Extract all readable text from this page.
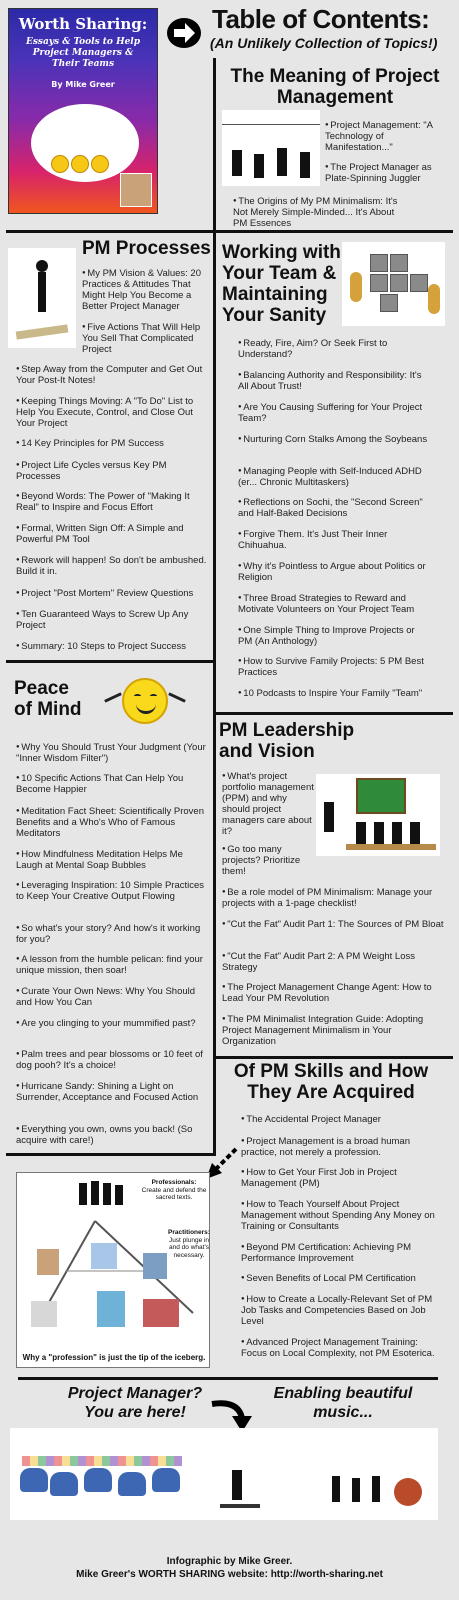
Worth Sharing:
Essays & Tools to Help Project Managers & Their Teams
By Mike Greer
Table of Contents:
(An Unlikely Collection of Topics!)
The Meaning of Project Management
● Project Management: "A Technology of Manifestation..."
● The Project Manager as Plate-Spinning Juggler
● The Origins of My PM Minimalism: It's Not Merely Simple-Minded... It's About PM Essences
PM Processes
● My PM Vision & Values: 20 Practices & Attitudes That Might Help You Become a Better Project Manager
● Five Actions That Will Help You Sell That Complicated Project
● Step Away from the Computer and Get Out Your Post-It Notes!
● Keeping Things Moving: A "To Do" List to Help You Execute, Control, and Close Out Your Project
● 14 Key Principles for PM Success
● Project Life Cycles versus Key PM Processes
● Beyond Words: The Power of "Making It Real" to Inspire and Focus Effort
● Formal, Written Sign Off: A Simple and Powerful PM Tool
● Rework will happen! So don't be ambushed. Build it in.
● Project "Post Mortem" Review Questions
● Ten Guaranteed Ways to Screw Up Any Project
● Summary: 10 Steps to Project Success
Working with Your Team & Maintaining Your Sanity
● Ready, Fire, Aim? Or Seek First to Understand?
● Balancing Authority and Responsibility: It's All About Trust!
● Are You Causing Suffering for Your Project Team?
● Nurturing Corn Stalks Among the Soybeans
● Managing People with Self-Induced ADHD (er... Chronic Multitaskers)
● Reflections on Sochi, the "Second Screen" and Half-Baked Decisions
● Forgive Them. It's Just Their Inner Chihuahua.
● Why it's Pointless to Argue about Politics or Religion
● Three Broad Strategies to Reward and Motivate Volunteers on Your Project Team
● One Simple Thing to Improve Projects or PM (An Anthology)
● How to Survive Family Projects: 5 PM Best Practices
● 10 Podcasts to Inspire Your Family "Team"
Peace
of Mind
● Why You Should Trust Your Judgment (Your "Inner Wisdom Filter")
● 10 Specific Actions That Can Help You Become Happier
● Meditation Fact Sheet: Scientifically Proven Benefits and a Who's Who of Famous Meditators
● How Mindfulness Meditation Helps Me Laugh at Mental Soap Bubbles
● Leveraging Inspiration: 10 Simple Practices to Keep Your Creative Output Flowing
● So what's your story? And how's it working for you?
● A lesson from the humble pelican: find your unique mission, then soar!
● Curate Your Own News: Why You Should and How You Can
● Are you clinging to your mummified past?
● Palm trees and pear blossoms or 10 feet of dog pooh? It's a choice!
● Hurricane Sandy: Shining a Light on Surrender, Acceptance and Focused Action
● Everything you own, owns you back! (So acquire with care!)
PM Leadership and Vision
● What's project portfolio management (PPM) and why should project managers care about it?
● Go too many projects? Prioritize them!
● Be a role model of PM Minimalism: Manage your projects with a 1-page checklist!
● "Cut the Fat" Audit Part 1: The Sources of PM Bloat
● "Cut the Fat" Audit Part 2: A PM Weight Loss Strategy
● The Project Management Change Agent: How to Lead Your PM Revolution
● The PM Minimalist Integration Guide: Adopting Project Management Minimalism in Your Organization
Of PM Skills and How They Are Acquired
● The Accidental Project Manager
● Project Management is a broad human practice, not merely a profession.
● How to Get Your First Job in Project Management (PM)
● How to Teach Yourself About Project Management without Spending Any Money on Training or Consultants
● Beyond PM Certification: Achieving PM Performance Improvement
● Seven Benefits of Local PM Certification
● How to Create a Locally-Relevant Set of PM Job Tasks and Competencies Based on Job Level
● Advanced Project Management Training: Focus on Local Complexity, not PM Esoterica.
Professionals:
Create and defend the sacred texts.
Practitioners:
Just plunge in and do what's necessary.
Why a "profession" is just the tip of the iceberg.
Project Manager?
You are here!
Enabling beautiful
music...
Infographic by Mike Greer.
Mike Greer's WORTH SHARING website: http://worth-sharing.net
